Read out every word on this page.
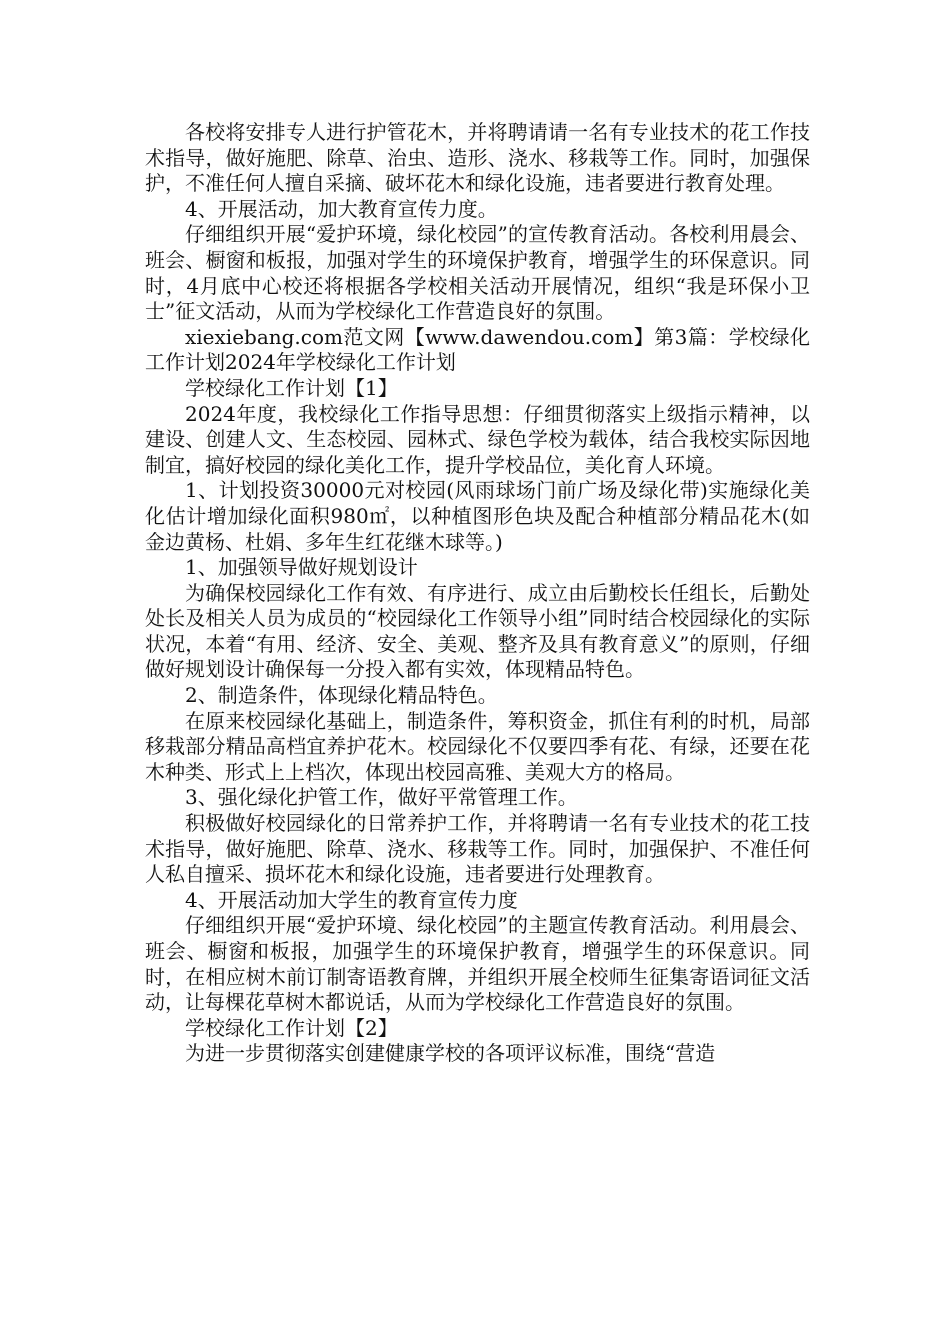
各校将安排专人进行护管花木，并将聘请请一名有专业技术的花工作技术指导，做好施肥、除草、治虫、造形、浇水、移栽等工作。同时，加强保护，不准任何人擅自采摘、破坏花木和绿化设施，违者要进行教育处理。

4、开展活动，加大教育宣传力度。

仔细组织开展“爱护环境，绿化校园”的宣传教育活动。各校利用晨会、班会、橱窗和板报，加强对学生的环境保护教育，增强学生的环保意识。同时，4月底中心校还将根据各学校相关活动开展情况，组织“我是环保小卫士”征文活动，从而为学校绿化工作营造良好的氛围。

xiexiebang.com范文网【www.dawendou.com】第3篇：学校绿化工作计划2024年学校绿化工作计划

学校绿化工作计划【1】

2024年度，我校绿化工作指导思想：仔细贯彻落实上级指示精神，以建设、创建人文、生态校园、园林式、绿色学校为载体，结合我校实际因地制宜，搞好校园的绿化美化工作，提升学校品位，美化育人环境。

1、计划投资30000元对校园(风雨球场门前广场及绿化带)实施绿化美化估计增加绿化面积980㎡，以种植图形色块及配合种植部分精品花木(如金边黄杨、杜娟、多年生红花继木球等。)

1、加强领导做好规划设计

为确保校园绿化工作有效、有序进行、成立由后勤校长任组长，后勤处处长及相关人员为成员的“校园绿化工作领导小组”同时结合校园绿化的实际状况，本着“有用、经济、安全、美观、整齐及具有教育意义”的原则，仔细做好规划设计确保每一分投入都有实效，体现精品特色。

2、制造条件，体现绿化精品特色。

在原来校园绿化基础上，制造条件，筹积资金，抓住有利的时机，局部移栽部分精品高档宜养护花木。校园绿化不仅要四季有花、有绿，还要在花木种类、形式上上档次，体现出校园高雅、美观大方的格局。

3、强化绿化护管工作，做好平常管理工作。

积极做好校园绿化的日常养护工作，并将聘请一名有专业技术的花工技术指导，做好施肥、除草、浇水、移栽等工作。同时，加强保护、不准任何人私自擅采、损坏花木和绿化设施，违者要进行处理教育。

4、开展活动加大学生的教育宣传力度

仔细组织开展“爱护环境、绿化校园”的主题宣传教育活动。利用晨会、班会、橱窗和板报，加强学生的环境保护教育，增强学生的环保意识。同时，在相应树木前订制寄语教育牌，并组织开展全校师生征集寄语词征文活动，让每棵花草树木都说话，从而为学校绿化工作营造良好的氛围。

学校绿化工作计划【2】

为进一步贯彻落实创建健康学校的各项评议标准，围绕“营造
